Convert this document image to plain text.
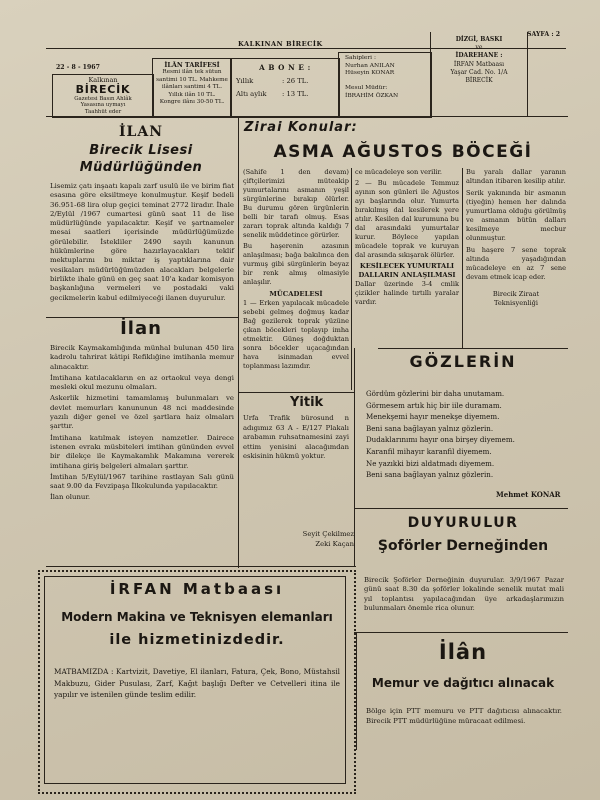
SAYFA : 2
KALKINAN BİRECİK
22 - 8 - 1967
Kalkınan
BİRECİK
Gazetesi Basın Ahlâk
Yasasına uymayı
Taahhüt eder
İLÂN TARİFESİ
Resmi ilân tek sütun
santimi 10 TL. Mahkeme
ilânları santimi 4 TL.
Yıllık ilân 10 TL.
Kongre ilânı 30-50 TL.
A B O N E :
Yıllık	: 26 TL.
Altı aylık : 13 TL.
Sahipleri :
Nurhan ANILAN
Hüseyin KONAR
Mesul Müdür:
İBRAHİM ÖZKAN
DİZGİ, BASKI
ve
İDAREHANE :
İRFAN Matbaası
Yaşar Cad. No. 1/A
BİRECİK
İLAN
Birecik Lisesi
Müdürlüğünden
Lisemiz çatı inşaatı kapalı zarf usulü ile ve birim fiat esasına göre eksiltmeye konulmuştur. Keşif bedeli 36.951-68 lira olup geçici teminat 2772 liradır. İhale 2/Eylül /1967 cumartesi günü saat 11 de lise müdürlüğünde yapılacaktır. Keşif ve şartnameler mesai saatleri içerisinde müdürlüğümüzde görülebilir. İstekliler 2490 sayılı kanunun hükümlerine göre hazırlayacakları teklif mektuplarını bu miktar iş yaptıklarına dair vesikaları müdürlüğümüzden alacakları belgelerle birlikte ihale günü en geç saat 10'a kadar komisyon başkanlığına vermeleri ve postadaki vaki gecikmelerin kabul edilmiyeceği ilanen duyurulur.
İlan
Birecik Kaymakamlığında münhal bulunan 450 lira kadrolu tahrirat kâtipi Refiklığine imtihanla memur alınacaktır.
İmtihana katılacakların en az ortaokul veya dengi mesleki okul mezunu olmaları.
Askerlik hizmetini tamamlamış bulunmaları ve devlet memurları kanununun 48 nci maddesinde yazılı diğer genel ve özel şartlara haiz olmaları şarttır.
İmtihana katılmak isteyen namzetler. Dairece istenen evrakı müsbiteleri imtihan gününden evvel bir dilekçe ile Kaymakamlık Makamına vererek imtihana giriş belgeleri almaları şarttır.
İmtihan 5/Eylül/1967 tarihine rastlayan Salı günü saat 9.00 da Fevzipaşa İlkokulunda yapılacaktır.
İlan olunur.
Zirai Konular:
ASMA AĞUSTOS BÖCEĞİ
(Sahife 1 den devam) çiftçilerimizi müteakip yumurtalarını asmanın yeşil sürgünlerine bırakıp ölürler. Bu durumu gören ürgünlerin belli bir tarafı olmuş. Esas zararı toprak altında kaldığı 7 senelik müddetince görürler.
Bu haşerenin azasının anlaşılması; bağa bakılınca den vurmuş gibi sürgünlerin beyaz bir renk almış olmasiyle anlaşılır.
MÜCADELESİ
1 — Erken yapılacak mücadele sebebi gelmeş doğmuş kadar Bağ gezilerek toprak yüzüne çıkan böcekleri toplayıp imha etmektir. Güneş doğduktan sonra böcekler uçacağından hava isinmadan evvel toplanması lazımdır.
ce mücadeleye son verilir.
2 — Bu mücadele Temmuz ayının son günleri ile Ağustos ayı başlarında olur. Yumurta bırakılmış dal kesilerek yere atılır. Kesilen dal kurumuna bu dal arasındaki yumurtalar kurur. Böylece yapılan mücadele toprak ve kuruyan dal arasında sıkışarak ölürler.
KESİLECEK YUMURTALI DALLARIN ANLAŞILMASI
Dallar üzerinde 3-4 cmlik çizikler halinde tırtıllı yaralar vardır.
Bu yaralı dallar yaranın altından itibaren kesilip atılır.
Serik yakınında bir asmanın (tiyeğin) hemen her dalında yumurtlama olduğu görülmüş ve asmanın bütün dalları kesilmeye mecbur olunmuştur.
Bu haşere 7 sene toprak altında yaşadığından mücadeleye en az 7 sene devam etmek icap eder.
Birecik Ziraat
Teknisyenliği
Yitik
Urfa Trafik bürosund n adıgımız 63 A - E/127 Plakalı arabamın ruhsatnamesini zayi ettim yenisini alacağımdan eskisinin hükmü yoktur.
Seyit Çekilmez
Zeki Kaçan
GÖZLERİN
Gördüm gözlerini bir daha unutamam.
Görmesem artık hiç bir iile duramam.
Menekşemi hayır menekşe diyemem.
Beni sana bağlayan yalnız gözlerin.
Dudaklarınımı hayır ona birşey diyemem.
Karanfil mihayır karanfil diyemem.
Ne yazıkki bizi aldatmadı diyemem.
Beni sana bağlayan yalnız gözlerin.
Mehmet KONAR
DUYURULUR
Şoförler Derneğinden
Birecik Şoförler Derneğinin duyurular. 3/9/1967 Pazar günü saat 8.30 da şoförler lokalinde senelik mutat mali yıl toplantısı yapılacağından üye arkadaşlarımızın bulunmaları önemle rica olunur.
İRFAN Matbaası
Modern Makina ve Teknisyen elemanları
ile hizmetinizdedir.
MATBAMIZDA : Kartvizit, Davetiye, El ilanları, Fatura, Çek, Bono, Müstahsil Makbuzu, Gider Pusulası, Zarf, Kağıt başlığı Defter ve Cetvelleri itina ile yapılır ve istenilen günde teslim edilir.
İlân
Memur ve dağıtıcı alınacak
Bölge için PTT memuru ve PTT dağıtıcısı alınacaktır. Birecik PTT müdürlüğüne müracaat edilmesi.
